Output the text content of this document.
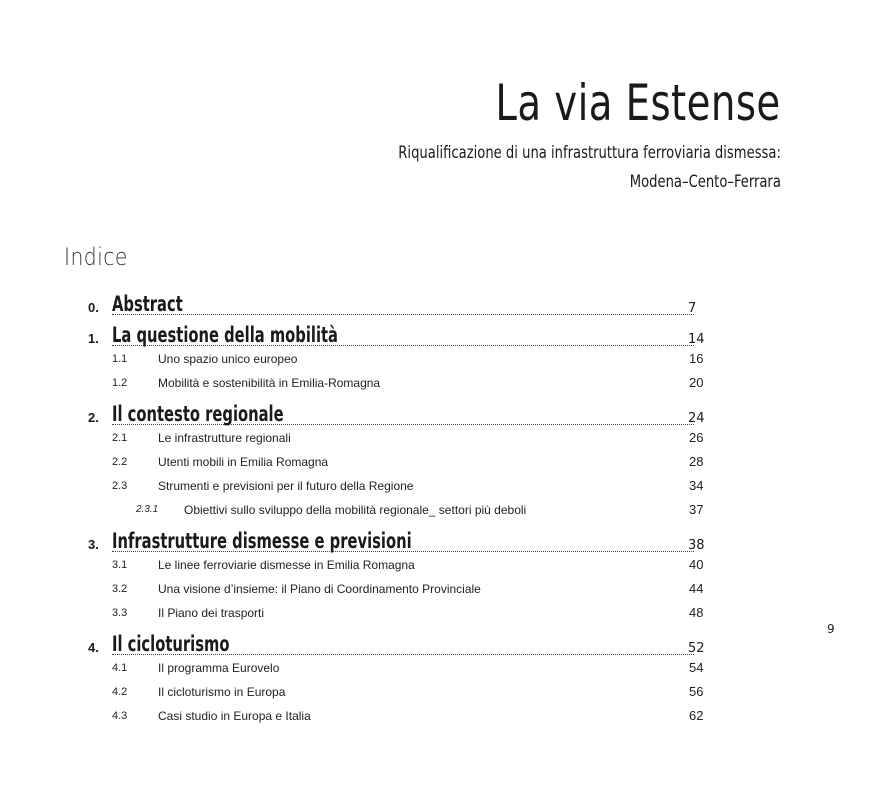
La via Estense
Riqualificazione di una infrastruttura ferroviaria dismessa:
Modena–Cento–Ferrara
Indice
0. Abstract	7
1. La questione della mobilità	14
1.1	Uno spazio unico europeo	16
1.2	Mobilità e sostenibilità in Emilia-Romagna	20
2. Il contesto regionale	24
2.1	Le infrastrutture regionali	26
2.2	Utenti mobili in Emilia Romagna	28
2.3	Strumenti e previsioni per il futuro della Regione	34
2.3.1 Obiettivi sullo sviluppo della mobilità regionale_ settori più deboli	37
3. Infrastrutture dismesse e previsioni	38
3.1	Le linee ferroviarie dismesse in Emilia Romagna	40
3.2	Una visione d’insieme: il Piano di Coordinamento Provinciale	44
3.3	Il Piano dei trasporti	48
4. Il cicloturismo	52
4.1	Il programma Eurovelo	54
4.2	Il cicloturismo in Europa	56
4.3	Casi studio in Europa e Italia	62
9
